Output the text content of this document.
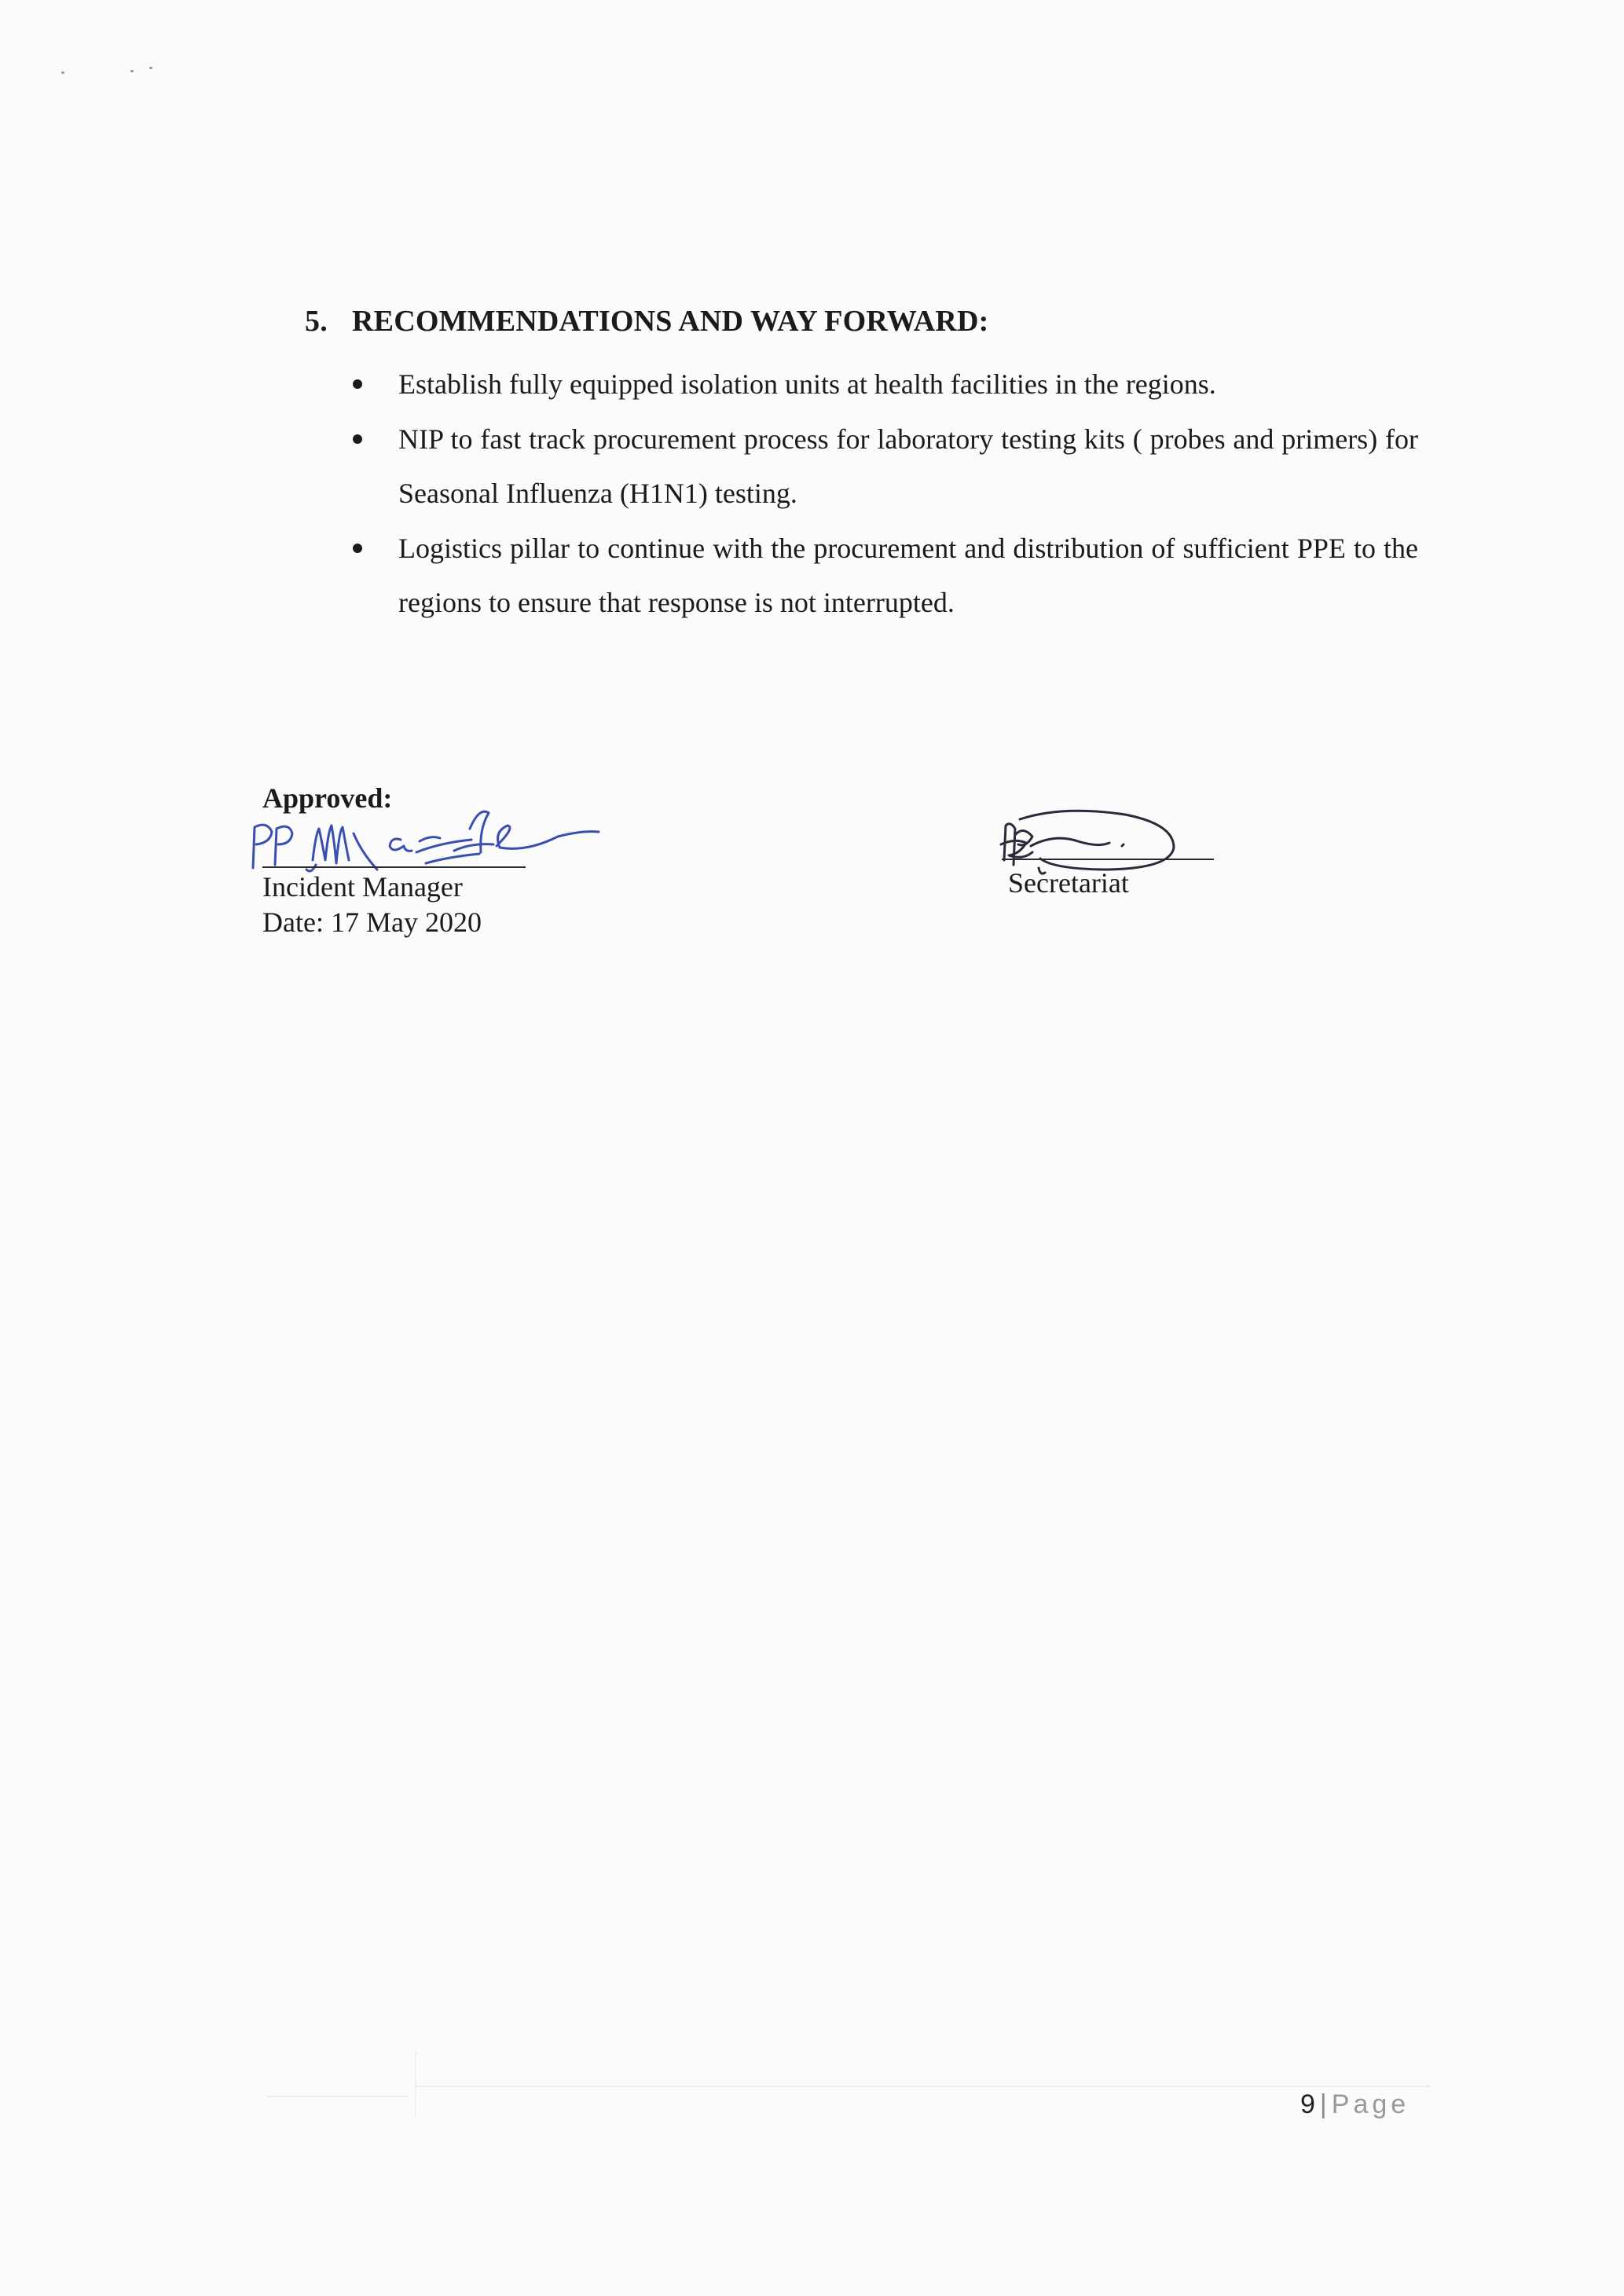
5. RECOMMENDATIONS AND WAY FORWARD:
Establish fully equipped isolation units at health facilities in the regions.
NIP to fast track procurement process for laboratory testing kits ( probes and primers) for Seasonal Influenza (H1N1) testing.
Logistics pillar to continue with the procurement and distribution of sufficient PPE to the regions to ensure that response is not interrupted.
Approved:
Incident Manager
Date: 17 May 2020
Secretariat
9 | Page
